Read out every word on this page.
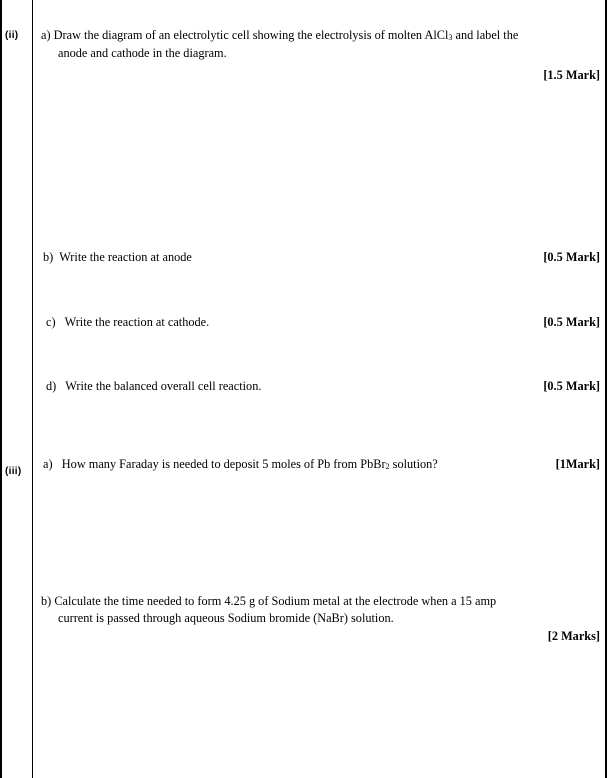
(ii) a) Draw the diagram of an electrolytic cell showing the electrolysis of molten AlCl$_3$ and label the
anode and cathode in the diagram.
[1.5 Mark]
b) Write the reaction at anode	[0.5 Mark]
c) Write the reaction at cathode.	[0.5 Mark]
d) Write the balanced overall cell reaction.	[0.5 Mark]
(iii)
a) How many Faraday is needed to deposit 5 moles of Pb from PbBr$_2$ solution?	[1Mark]
b) Calculate the time needed to form 4.25 g of Sodium metal at the electrode when a 15 amp
current is passed through aqueous Sodium bromide (NaBr) solution.
[2 Marks]
